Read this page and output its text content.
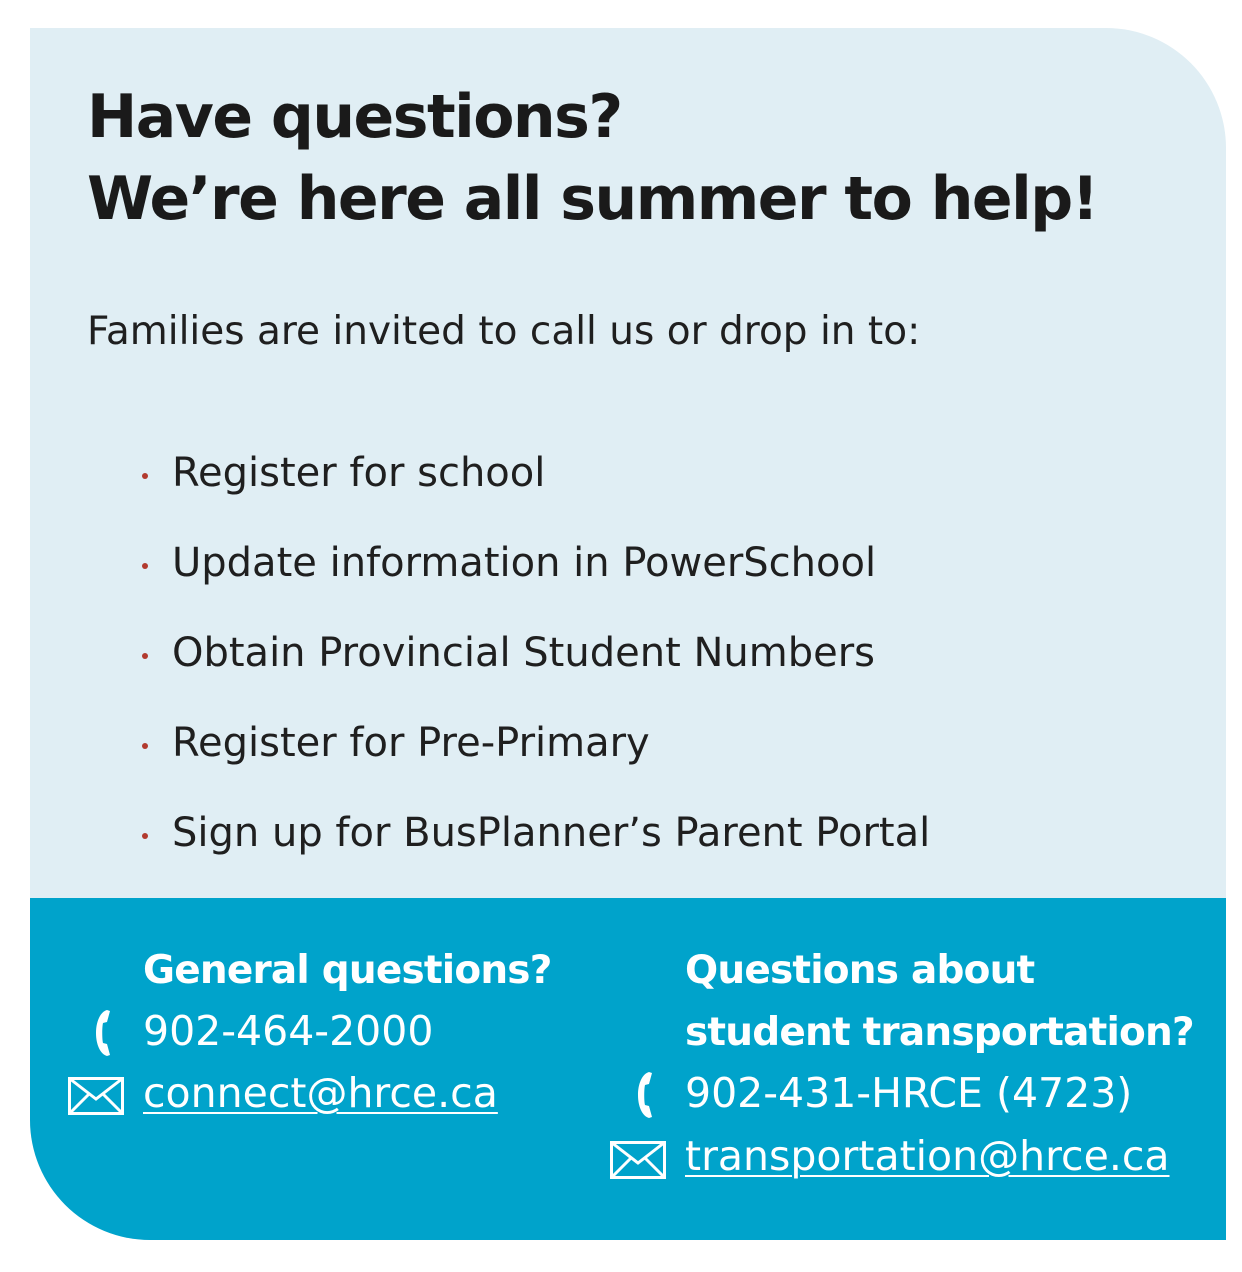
Have questions?
We’re here all summer to help!

Families are invited to call us or drop in to:

Register for school
Update information in PowerSchool
Obtain Provincial Student Numbers
Register for Pre-Primary
Sign up for BusPlanner’s Parent Portal
General questions?
902-464-2000
connect@hrce.ca
Questions about
student transportation?
902-431-HRCE (4723)
transportation@hrce.ca
